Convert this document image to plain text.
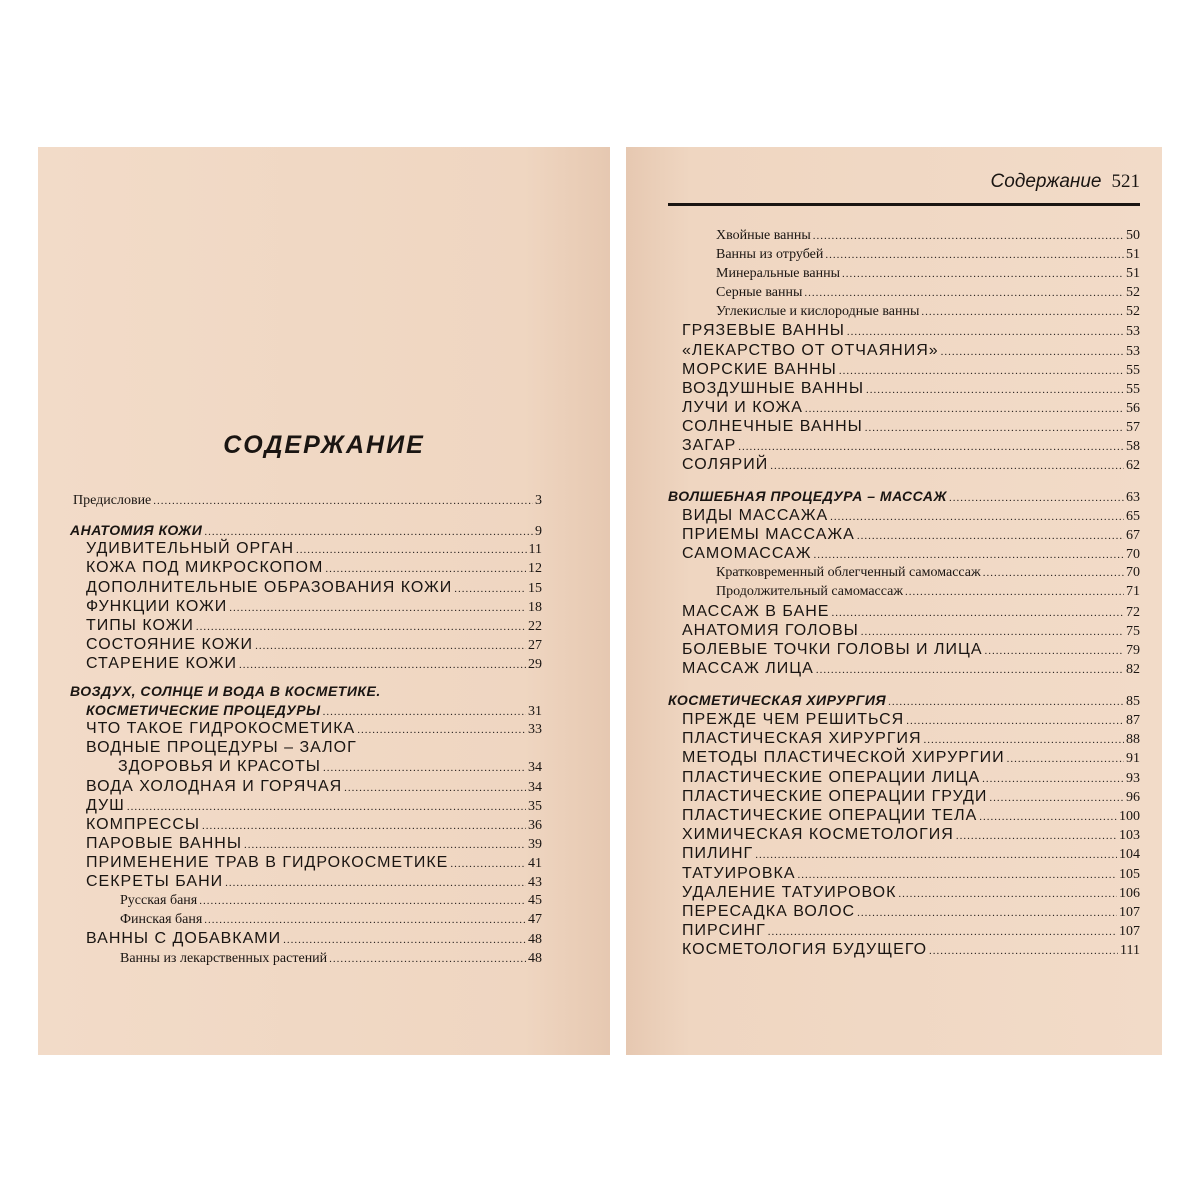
СОДЕРЖАНИЕ
Предисловие .....	3
АНАТОМИЯ КОЖИ .....	9
УДИВИТЕЛЬНЫЙ ОРГАН .....	11
КОЖА ПОД МИКРОСКОПОМ .....	12
ДОПОЛНИТЕЛЬНЫЕ ОБРАЗОВАНИЯ КОЖИ .....	15
ФУНКЦИИ КОЖИ .....	18
ТИПЫ КОЖИ .....	22
СОСТОЯНИЕ КОЖИ .....	27
СТАРЕНИЕ КОЖИ .....	29
ВОЗДУХ, СОЛНЦЕ И ВОДА В КОСМЕТИКЕ.
КОСМЕТИЧЕСКИЕ ПРОЦЕДУРЫ .....	31
ЧТО ТАКОЕ ГИДРОКОСМЕТИКА .....	33
ВОДНЫЕ ПРОЦЕДУРЫ – ЗАЛОГ
ЗДОРОВЬЯ И КРАСОТЫ .....	34
ВОДА ХОЛОДНАЯ И ГОРЯЧАЯ .....	34
ДУШ .....	35
КОМПРЕССЫ .....	36
ПАРОВЫЕ ВАННЫ .....	39
ПРИМЕНЕНИЕ ТРАВ В ГИДРОКОСМЕТИКЕ .....	41
СЕКРЕТЫ БАНИ .....	43
Русская баня .....	45
Финская баня .....	47
ВАННЫ С ДОБАВКАМИ .....	48
Ванны из лекарственных растений .....	48
Содержание 521
Хвойные ванны .....	50
Ванны из отрубей .....	51
Минеральные ванны .....	51
Серные ванны .....	52
Углекислые и кислородные ванны .....	52
ГРЯЗЕВЫЕ ВАННЫ .....	53
«ЛЕКАРСТВО ОТ ОТЧАЯНИЯ» .....	53
МОРСКИЕ ВАННЫ .....	55
ВОЗДУШНЫЕ ВАННЫ .....	55
ЛУЧИ И КОЖА .....	56
СОЛНЕЧНЫЕ ВАННЫ .....	57
ЗАГАР .....	58
СОЛЯРИЙ .....	62
ВОЛШЕБНАЯ ПРОЦЕДУРА – МАССАЖ .....	63
ВИДЫ МАССАЖА .....	65
ПРИЕМЫ МАССАЖА .....	67
САМОМАССАЖ .....	70
Кратковременный облегченный самомассаж .....	70
Продолжительный самомассаж .....	71
МАССАЖ В БАНЕ .....	72
АНАТОМИЯ ГОЛОВЫ .....	75
БОЛЕВЫЕ ТОЧКИ ГОЛОВЫ И ЛИЦА .....	79
МАССАЖ ЛИЦА .....	82
КОСМЕТИЧЕСКАЯ ХИРУРГИЯ .....	85
ПРЕЖДЕ ЧЕМ РЕШИТЬСЯ .....	87
ПЛАСТИЧЕСКАЯ ХИРУРГИЯ .....	88
МЕТОДЫ ПЛАСТИЧЕСКОЙ ХИРУРГИИ .....	91
ПЛАСТИЧЕСКИЕ ОПЕРАЦИИ ЛИЦА .....	93
ПЛАСТИЧЕСКИЕ ОПЕРАЦИИ ГРУДИ .....	96
ПЛАСТИЧЕСКИЕ ОПЕРАЦИИ ТЕЛА .....	100
ХИМИЧЕСКАЯ КОСМЕТОЛОГИЯ .....	103
ПИЛИНГ .....	104
ТАТУИРОВКА .....	105
УДАЛЕНИЕ ТАТУИРОВОК .....	106
ПЕРЕСАДКА ВОЛОС .....	107
ПИРСИНГ .....	107
КОСМЕТОЛОГИЯ БУДУЩЕГО .....	111
